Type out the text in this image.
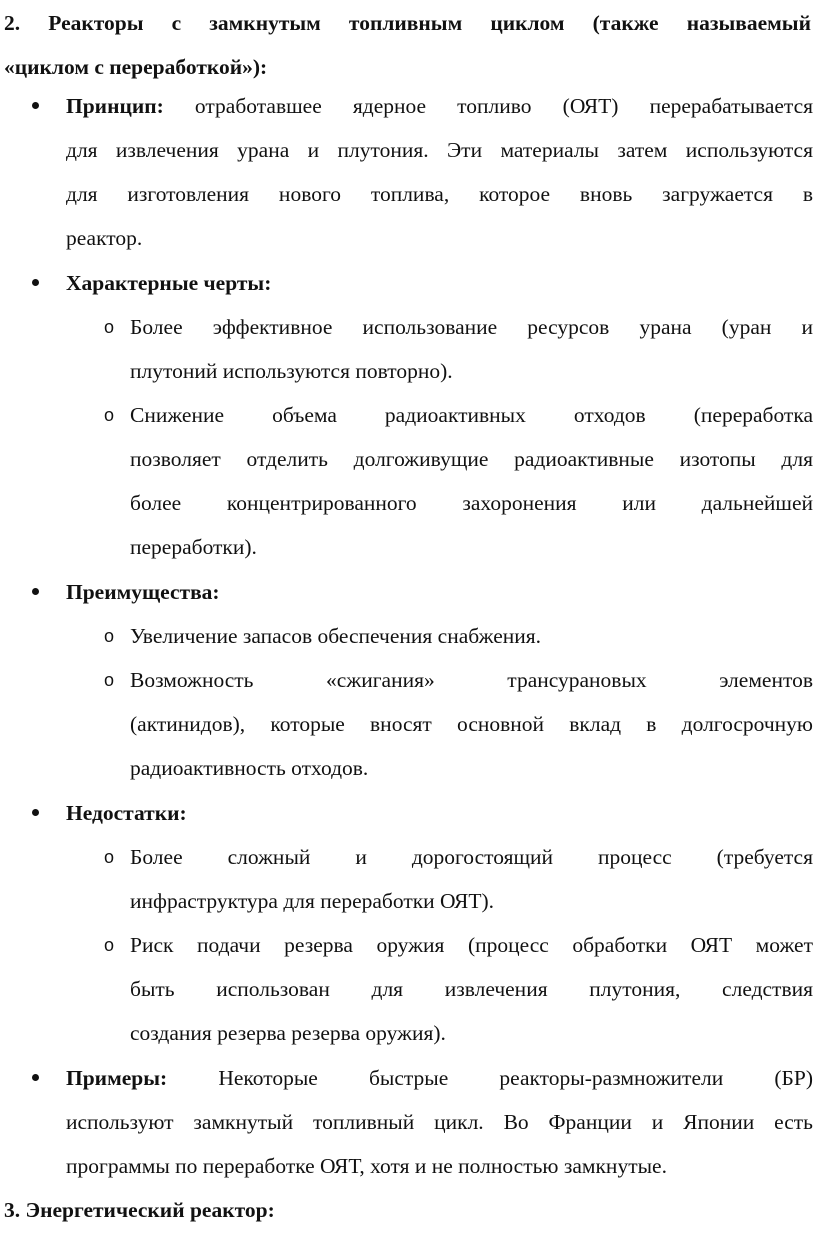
2. Реакторы с замкнутым топливным циклом (также называемый
«циклом с переработкой»):
Принцип: отработавшее ядерное топливо (ОЯТ) перерабатывается
для извлечения урана и плутония. Эти материалы затем используются
для изготовления нового топлива, которое вновь загружается в
реактор.
Характерные черты:
o Более эффективное использование ресурсов урана (уран и
плутоний используются повторно).
o Снижение объема радиоактивных отходов (переработка
позволяет отделить долгоживущие радиоактивные изотопы для
более концентрированного захоронения или дальнейшей
переработки).
Преимущества:
o Увеличение запасов обеспечения снабжения.
o Возможность «сжигания» трансурановых элементов
(актинидов), которые вносят основной вклад в долгосрочную
радиоактивность отходов.
Недостатки:
o Более сложный и дорогостоящий процесс (требуется
инфраструктура для переработки ОЯТ).
o Риск подачи резерва оружия (процесс обработки ОЯТ может
быть использован для извлечения плутония, следствия
создания резерва резерва оружия).
Примеры: Некоторые быстрые реакторы-размножители (БР)
используют замкнутый топливный цикл. Во Франции и Японии есть
программы по переработке ОЯТ, хотя и не полностью замкнутые.
3. Энергетический реактор:
